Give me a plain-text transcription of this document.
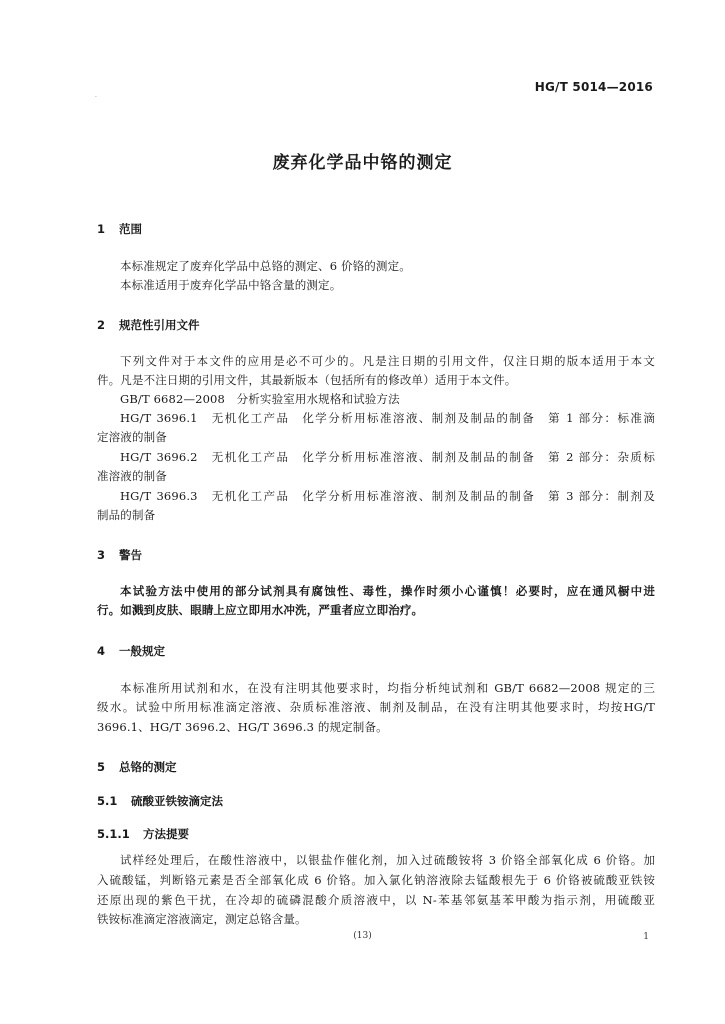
HG/T 5014—2016
.
废弃化学品中铬的测定
1 范围
本标准规定了废弃化学品中总铬的测定、6 价铬的测定。
本标准适用于废弃化学品中铬含量的测定。
2 规范性引用文件
下列文件对于本文件的应用是必不可少的。凡是注日期的引用文件，仅注日期的版本适用于本文
件。凡是不注日期的引用文件，其最新版本（包括所有的修改单）适用于本文件。
GB/T 6682—2008　分析实验室用水规格和试验方法
HG/T 3696.1　无机化工产品　化学分析用标准溶液、制剂及制品的制备　第 1 部分：标准滴
定溶液的制备
HG/T 3696.2　无机化工产品　化学分析用标准溶液、制剂及制品的制备　第 2 部分：杂质标
准溶液的制备
HG/T 3696.3　无机化工产品　化学分析用标准溶液、制剂及制品的制备　第 3 部分：制剂及
制品的制备
3 警告
本试验方法中使用的部分试剂具有腐蚀性、毒性，操作时须小心谨慎！必要时，应在通风橱中进
行。如溅到皮肤、眼睛上应立即用水冲洗，严重者应立即治疗。
4 一般规定
本标准所用试剂和水，在没有注明其他要求时，均指分析纯试剂和 GB/T 6682—2008 规定的三
级水。试验中所用标准滴定溶液、杂质标准溶液、制剂及制品，在没有注明其他要求时，均按HG/T
3696.1、HG/T 3696.2、HG/T 3696.3 的规定制备。
5 总铬的测定
5.1 硫酸亚铁铵滴定法
5.1.1 方法提要
试样经处理后，在酸性溶液中，以银盐作催化剂，加入过硫酸铵将 3 价铬全部氧化成 6 价铬。加
入硫酸锰，判断铬元素是否全部氧化成 6 价铬。加入氯化钠溶液除去锰酸根先于 6 价铬被硫酸亚铁铵
还原出现的紫色干扰，在冷却的硫磷混酸介质溶液中，以 N-苯基邻氨基苯甲酸为指示剂，用硫酸亚
铁铵标准滴定溶液滴定，测定总铬含量。
(13)	1
